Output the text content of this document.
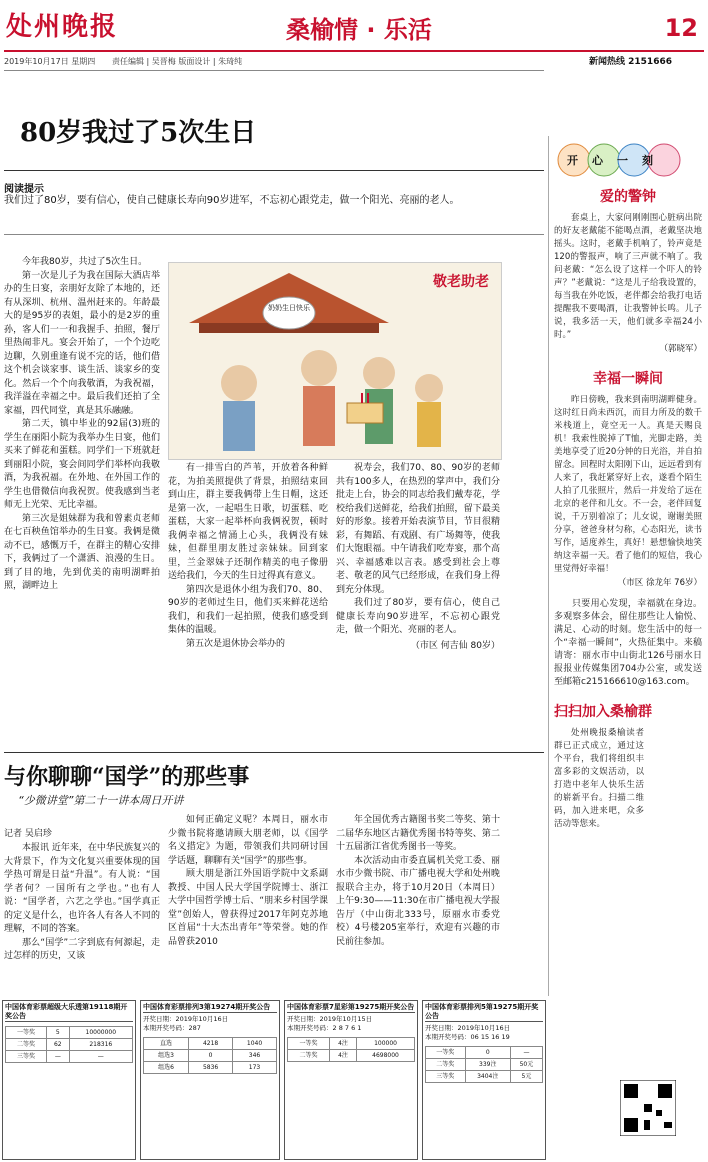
处州晚报	桑榆情 · 乐活	12
2019年10月17日 星期四 责任编辑 | 吴晋梅 版面设计 | 朱琦纯	新闻热线 2151666
80岁我过了5次生日
阅读提示
我们过了80岁，要有信心，使自己健康长寿向90岁进军，不忘初心跟党走，做一个阳光、亮丽的老人。

今年我80岁，共过了5次生日。

第一次是儿子为我在国际大酒店举办的生日宴，亲朋好友除了本地的，还有从深圳、杭州、温州赶来的。年龄最大的是95岁的表姐，最小的是2岁的重孙，客人们一一和我握手、拍照，餐厅里热闹非凡。宴会开始了，一个个边吃边聊，久别重逢有说不完的话，他们借这个机会谈家事、谈生活、谈家乡的变化。然后一个个向我敬酒，为我祝福，我洋溢在幸福之中。最后我们还拍了全家福，四代同堂，真是其乐融融。

第二天，镇中毕业的92届(3)班的学生在丽阳小院为我举办生日宴，他们买来了鲜花和蛋糕。同学们一下班就赶到丽阳小院，宴会间同学们举杯向我敬酒，为我祝福。在外地、在外国工作的学生也借微信向我祝贺。使我感到当老师无上光荣、无比幸福。

第三次是姐妹群为我和曾素贞老师在七百秧鱼馆举办的生日宴。我俩是微动不已，感慨万千，在群主的精心安排下，我俩过了一个潇洒、浪漫的生日。到了目的地，先到优美的南明湖畔拍照，湖畔边上

奶奶生日快乐
敬老助老

有一排雪白的芦苇，开放着各种鲜花，为拍美照提供了背景，拍照结束回到山庄，群主要我俩带上生日帽，这还是第一次，一起唱生日歌，切蛋糕、吃蛋糕，大家一起举杯向我俩祝贺，顿时我俩幸福之情涌上心头，我俩没有妹妹，但群里朋友胜过亲妹妹。回到家里，兰金翠妹子还制作精美的电子像册送给我们，今天的生日过得真有意义。

第四次是退休小组为我们70、80、90岁的老师过生日，他们买来鲜花送给我们，和我们一起拍照，使我们感受到集体的温暖。

第五次是退休协会举办的

祝寿会，我们70、80、90岁的老师共有100多人，在热烈的掌声中，我们分批走上台，协会的同志给我们戴寿花，学校给我们送鲜花，给我们拍照，留下最美好的形象。接着开始表演节目，节目很精彩，有舞蹈、有戏剧、有广场舞等，使我们大饱眼福。中午请我们吃寿宴，那个高兴、幸福感难以言表。感受到社会上尊老、敬老的风气已经形成，在我们身上得到充分体现。

我们过了80岁，要有信心，使自己健康长寿向90岁进军，不忘初心跟党走，做一个阳光、亮丽的老人。

（市区 何吉仙 80岁）
开心一刻
爱的警钟

套桌上，大家问刚刚围心脏病出院的好友老戴能不能喝点酒，老戴坚决地摇头。这时，老戴手机响了，铃声竟是120的警报声，响了三声就不响了。我问老戴：“怎么设了这样一个吓人的铃声？”老戴说：“这是儿子给我设置的，每当我在外吃饭，老伴都会给我打电话提醒我不要喝酒，让我警钟长鸣。儿子说，我多活一天，他们就多幸福24小时。”

（郭晓军）
幸福一瞬间

昨日傍晚，我来到南明湖畔健身。这时红日尚未西沉，而目力所及的数千米栈道上，竟空无一人。真是天赐良机！我索性脱掉了T恤，光脚走路，美美地享受了近20分钟的日光浴，并自拍留念。回程时太阳刚下山，远远看到有人来了，我赶紧穿好上衣，遂看个陌生人拍了几张照片，然后一并发给了远在北京的老伴和儿女。不一会，老伴回复说，千万别着凉了；儿女说，谢谢美照分享，爸爸身材匀称，心态阳光，读书写作，适度养生，真好！悬想愉快地笑纳这幸福一天。看了他们的短信，我心里觉得好幸福！

（市区 徐龙年 76岁）

只要用心发现，幸福就在身边。多观察多体会，留住那些让人愉悦、满足、心动的时刻。您生活中的每一个“幸福一瞬间”，火热征集中。来稿请寄：丽水市中山街北126号丽水日报报业传媒集团704办公室，或发送至邮箱c215166610@163.com。

扫扫加入桑榆群

处州晚报桑榆读者群已正式成立，通过这个平台，我们将组织丰富多彩的文娱活动，以打造中老年人快乐生活的崭新平台。扫描二维码，加入进来吧，众多活动等您来。

与你聊聊“国学”的那些事
“少微讲堂”第二十一讲本周日开讲
记者 吴启珍

本报讯 近年来，在中华民族复兴的大背景下，作为文化复兴重要体现的国学热可谓是日益“升温”。有人说：“国学者何？一国所有之学也。”也有人说：“国学者，六艺之学也。”国学真正的定义是什么，也许各人有各人不同的理解，不同的答案。

那么“国学”二字到底有何源起，走过怎样的历史，又该

如何正确定义呢？本周日，丽水市少微书院将邀请顾大朋老师，以《国学名义措定》为题，带领我们共同研讨国学话题，聊聊有关“国学”的那些事。

顾大朋是浙江外国语学院中文系副教授、中国人民大学国学院博士、浙江大学中国哲学博士后、“朋来乡村国学课堂”创始人，曾获得过2017年阿克苏地区首届“十大杰出青年”等荣誉。她的作品曾获2010

年全国优秀古籍图书奖二等奖、第十二届华东地区古籍优秀图书特等奖、第二十五届浙江省优秀图书一等奖。

本次活动由市委直属机关党工委、丽水市少微书院、市广播电视大学和处州晚报联合主办，将于10月20日（本周日）上午9:30——11:30在市广播电视大学报告厅（中山街北333号，原丽水市委党校）4号楼205室举行，欢迎有兴趣的市民前往参加。

中国体育彩票超级大乐透第19118期开奖公告
一等奖	5	10000000
二等奖	62	218316
三等奖	—	—
中国体育彩票排列3第19274期开奖公告
开奖日期：2019年10月16日
本期开奖号码：287
直选	4218	1040
组选3	0	346
组选6	5836	173
中国体育彩票7星彩第19275期开奖公告
开奖日期：2019年10月15日
本期开奖号码：2 8 7 6 1
一等奖	4注	100000
二等奖	4注	4698000
中国体育彩票排列5第19275期开奖公告
开奖日期：2019年10月16日
本期开奖号码：06 15 16 19
一等奖	0	—
二等奖	339注	50元
三等奖	3404注	5元
